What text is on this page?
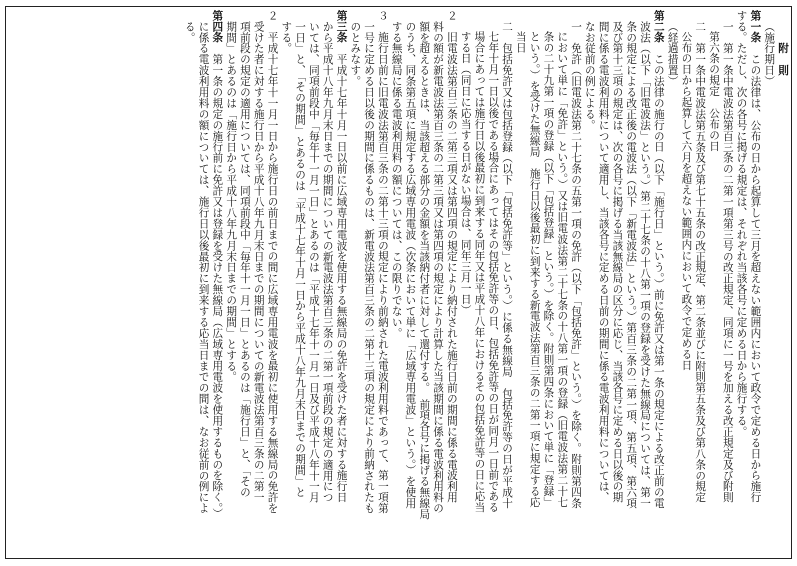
　　　附　則
（施行期日）
第一条　この法律は、公布の日から起算して三月を超えない範囲内において政令で定める日から施行
する。ただし、次の各号に掲げる規定は、それぞれ当該各号に定める日から施行する。
一　第一条中電波法第百三条の二第一項第三号の改正規定、同項に一号を加える改正規定及び附則
第六条の規定　公布の日
二　第一条中電波法第五条及び第七十五条の改正規定、第二条並びに附則第五条及び第八条の規定
公布の日から起算して六月を超えない範囲内において政令で定める日
（経過措置）
第二条　この法律の施行の日（以下「施行日」という。）前に免許又は第一条の規定による改正前の電
波法（以下「旧電波法」という。）第二十七条の十八第一項の登録を受けた無線局については、第一
条の規定による改正後の電波法（以下「新電波法」という。）第百三条の二第一項、第五項、第六項
及び第十三項の規定は、次の各号に掲げる当該無線局の区分に応じ、当該各号に定める日以後の期
間に係る電波利用料について適用し、当該各号に定める日前の期間に係る電波利用料については、
なお従前の例による。
一　免許（旧電波法第二十七条の五第一項の免許（以下「包括免許」という。）を除く。附則第四条
において単に「免許」という。）又は旧電波法第二十七条の十八第一項の登録（旧電波法第二十七
条の二十九第一項の登録（以下「包括登録」という。）を除く。附則第四条において単に「登録」
という。）を受けた無線局　施行日以後最初に到来する新電波法第百三条の二第一項に規定する応
当日
二　包括免許又は包括登録（以下「包括免許等」という。）に係る無線局　包括免許等の日が平成十
七年十月一日以後である場合にあってはその包括免許等の日、包括免許等の日が同月一日前である
場合にあっては施行日以後最初に到来する同年又は平成十八年におけるその包括免許等の日に応当
する日（同日に応当する日がない場合は、同年三月一日）
２　旧電波法第百三条の二第三項又は第四項の規定により納付された施行日前の期間に係る電波利用
料の額が新電波法第百三条の二第三項又は第四項の規定により計算した当該期間に係る電波利用料の
額を超えるときは、当該超える部分の金額を当該納付者に対して還付する。　前項各号に掲げる無線局
のうち、同条第五項に規定する広域専用電波（次条において単に「広域専用電波」という。）を使用
する無線局に係る電波利用料の額については、この限りでない。
３　施行日前に旧電波法第百三条の二第十三項の規定により前納された電波利用料であって、第一項第
一号に定める日以後の期間に係るものは、新電波法第百三条の二第十三項の規定により前納されたも
のとみなす。
第三条　平成十七年十月一日以前に広域専用電波を使用する無線局の免許を受けた者に対する施行日
から平成十八年九月末日までの期間についての新電波法第百三条の二第一項前段の規定の適用につ
いては、同項前段中「毎年十一月一日」とあるのは「平成十七年十一月一日及び平成十八年十一月
一日」と、「その期間」とあるのは「平成十七年十月一日から平成十八年九月末日までの期間」と
する。
２　平成十七年十一月一日から施行日の前日までの間に広域専用電波を最初に使用する無線局の免許を
受けた者に対する施行日から平成十八年九月末日までの期間についての新電波法第百三条の二第一
項前段の規定の適用については、同項前段中「毎年十一月一日」とあるのは「施行日」と、「その
期間」とあるのは「施行日から平成十八年九月末日までの期間」とする。
第四条　第一条の規定の施行前に免許又は登録を受けた無線局（広域専用電波を使用するものを除く。）
に係る電波利用料の額については、施行日以後最初に到来する応当日までの間は、なお従前の例によ
る。
